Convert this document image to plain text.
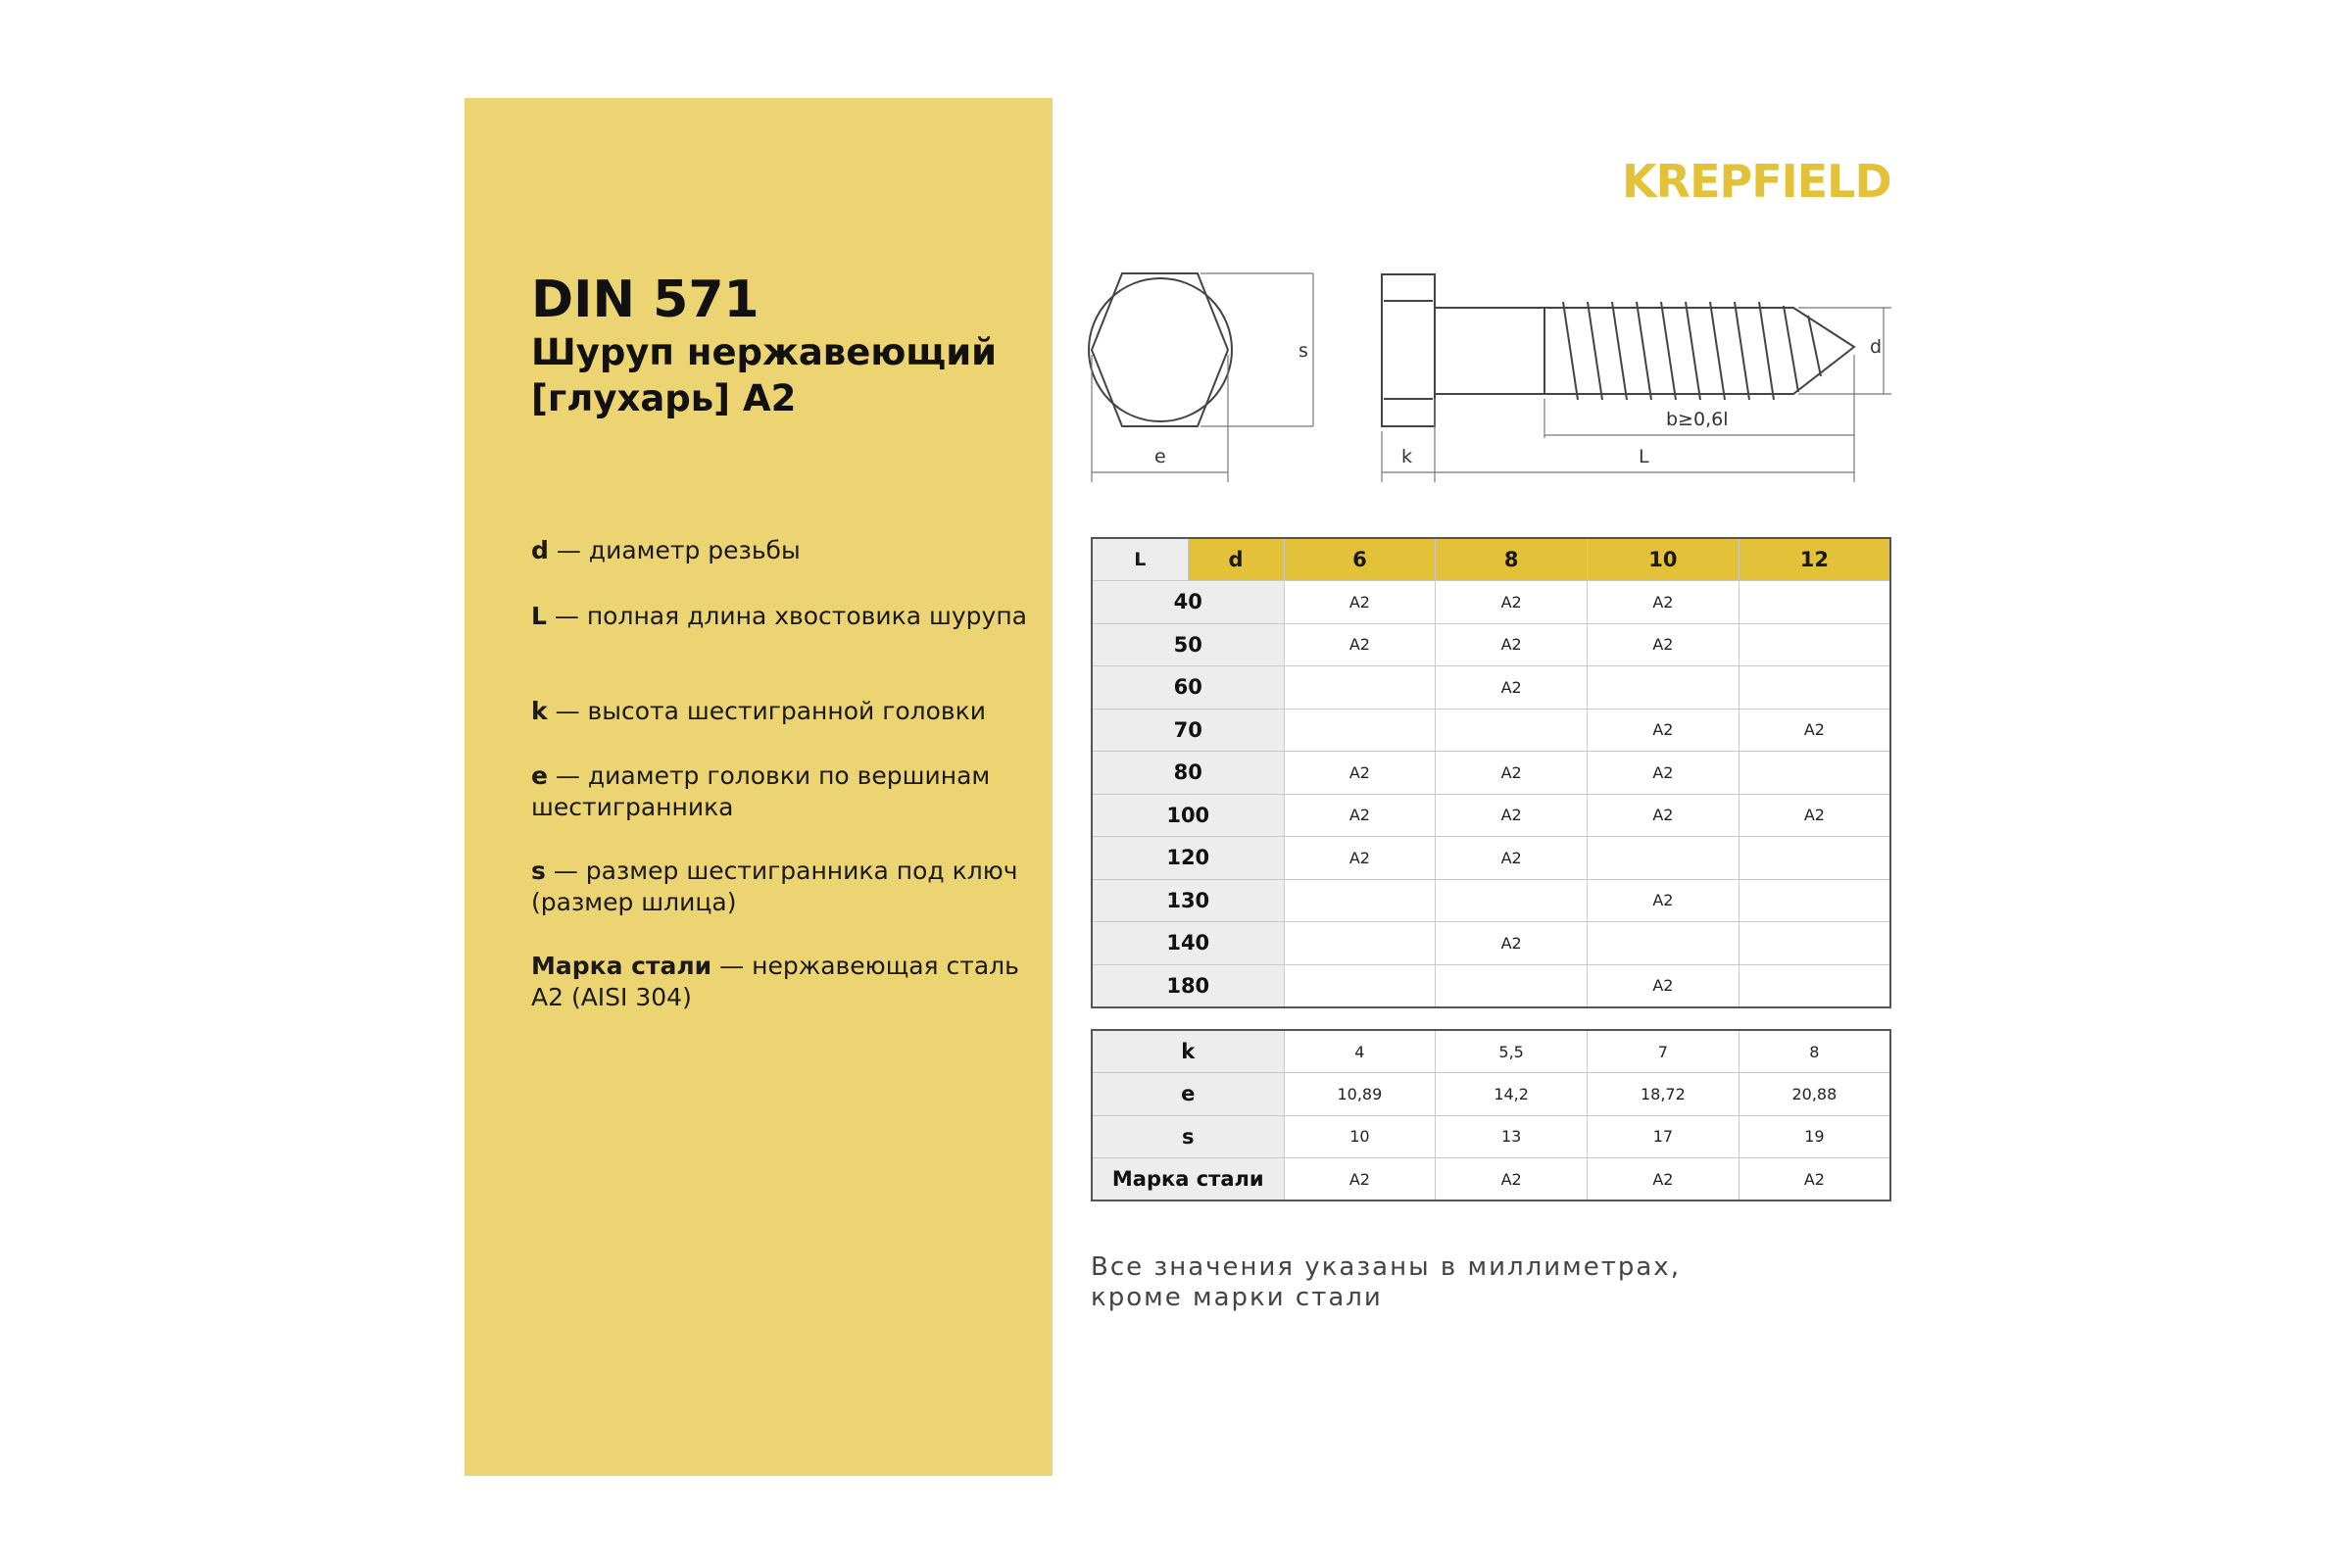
DIN 571
Шуруп нержавеющий
[глухарь] A2
d — диаметр резьбы
L — полная длина хвостовика шурупа
k — высота шестигранной головки
e — диаметр головки по вершинам шестигранника
s — размер шестигранника под ключ (размер шлица)
Марка стали — нержавеющая сталь A2 (AISI 304)
KREPFIELD
s
e	k	L
b≥0,6l
d
L	d	6	8	10	12
40		A2	A2	A2	
50		A2	A2	A2	
60			A2		
70				A2	A2
80		A2	A2	A2	
100		A2	A2	A2	A2
120		A2	A2		
130				A2	
140			A2		
180				A2	
k	4	5,5	7	8
e	10,89	14,2	18,72	20,88
s	10	13	17	19
Марка стали	A2	A2	A2	A2
Все значения указаны в миллиметрах,
кроме марки стали
